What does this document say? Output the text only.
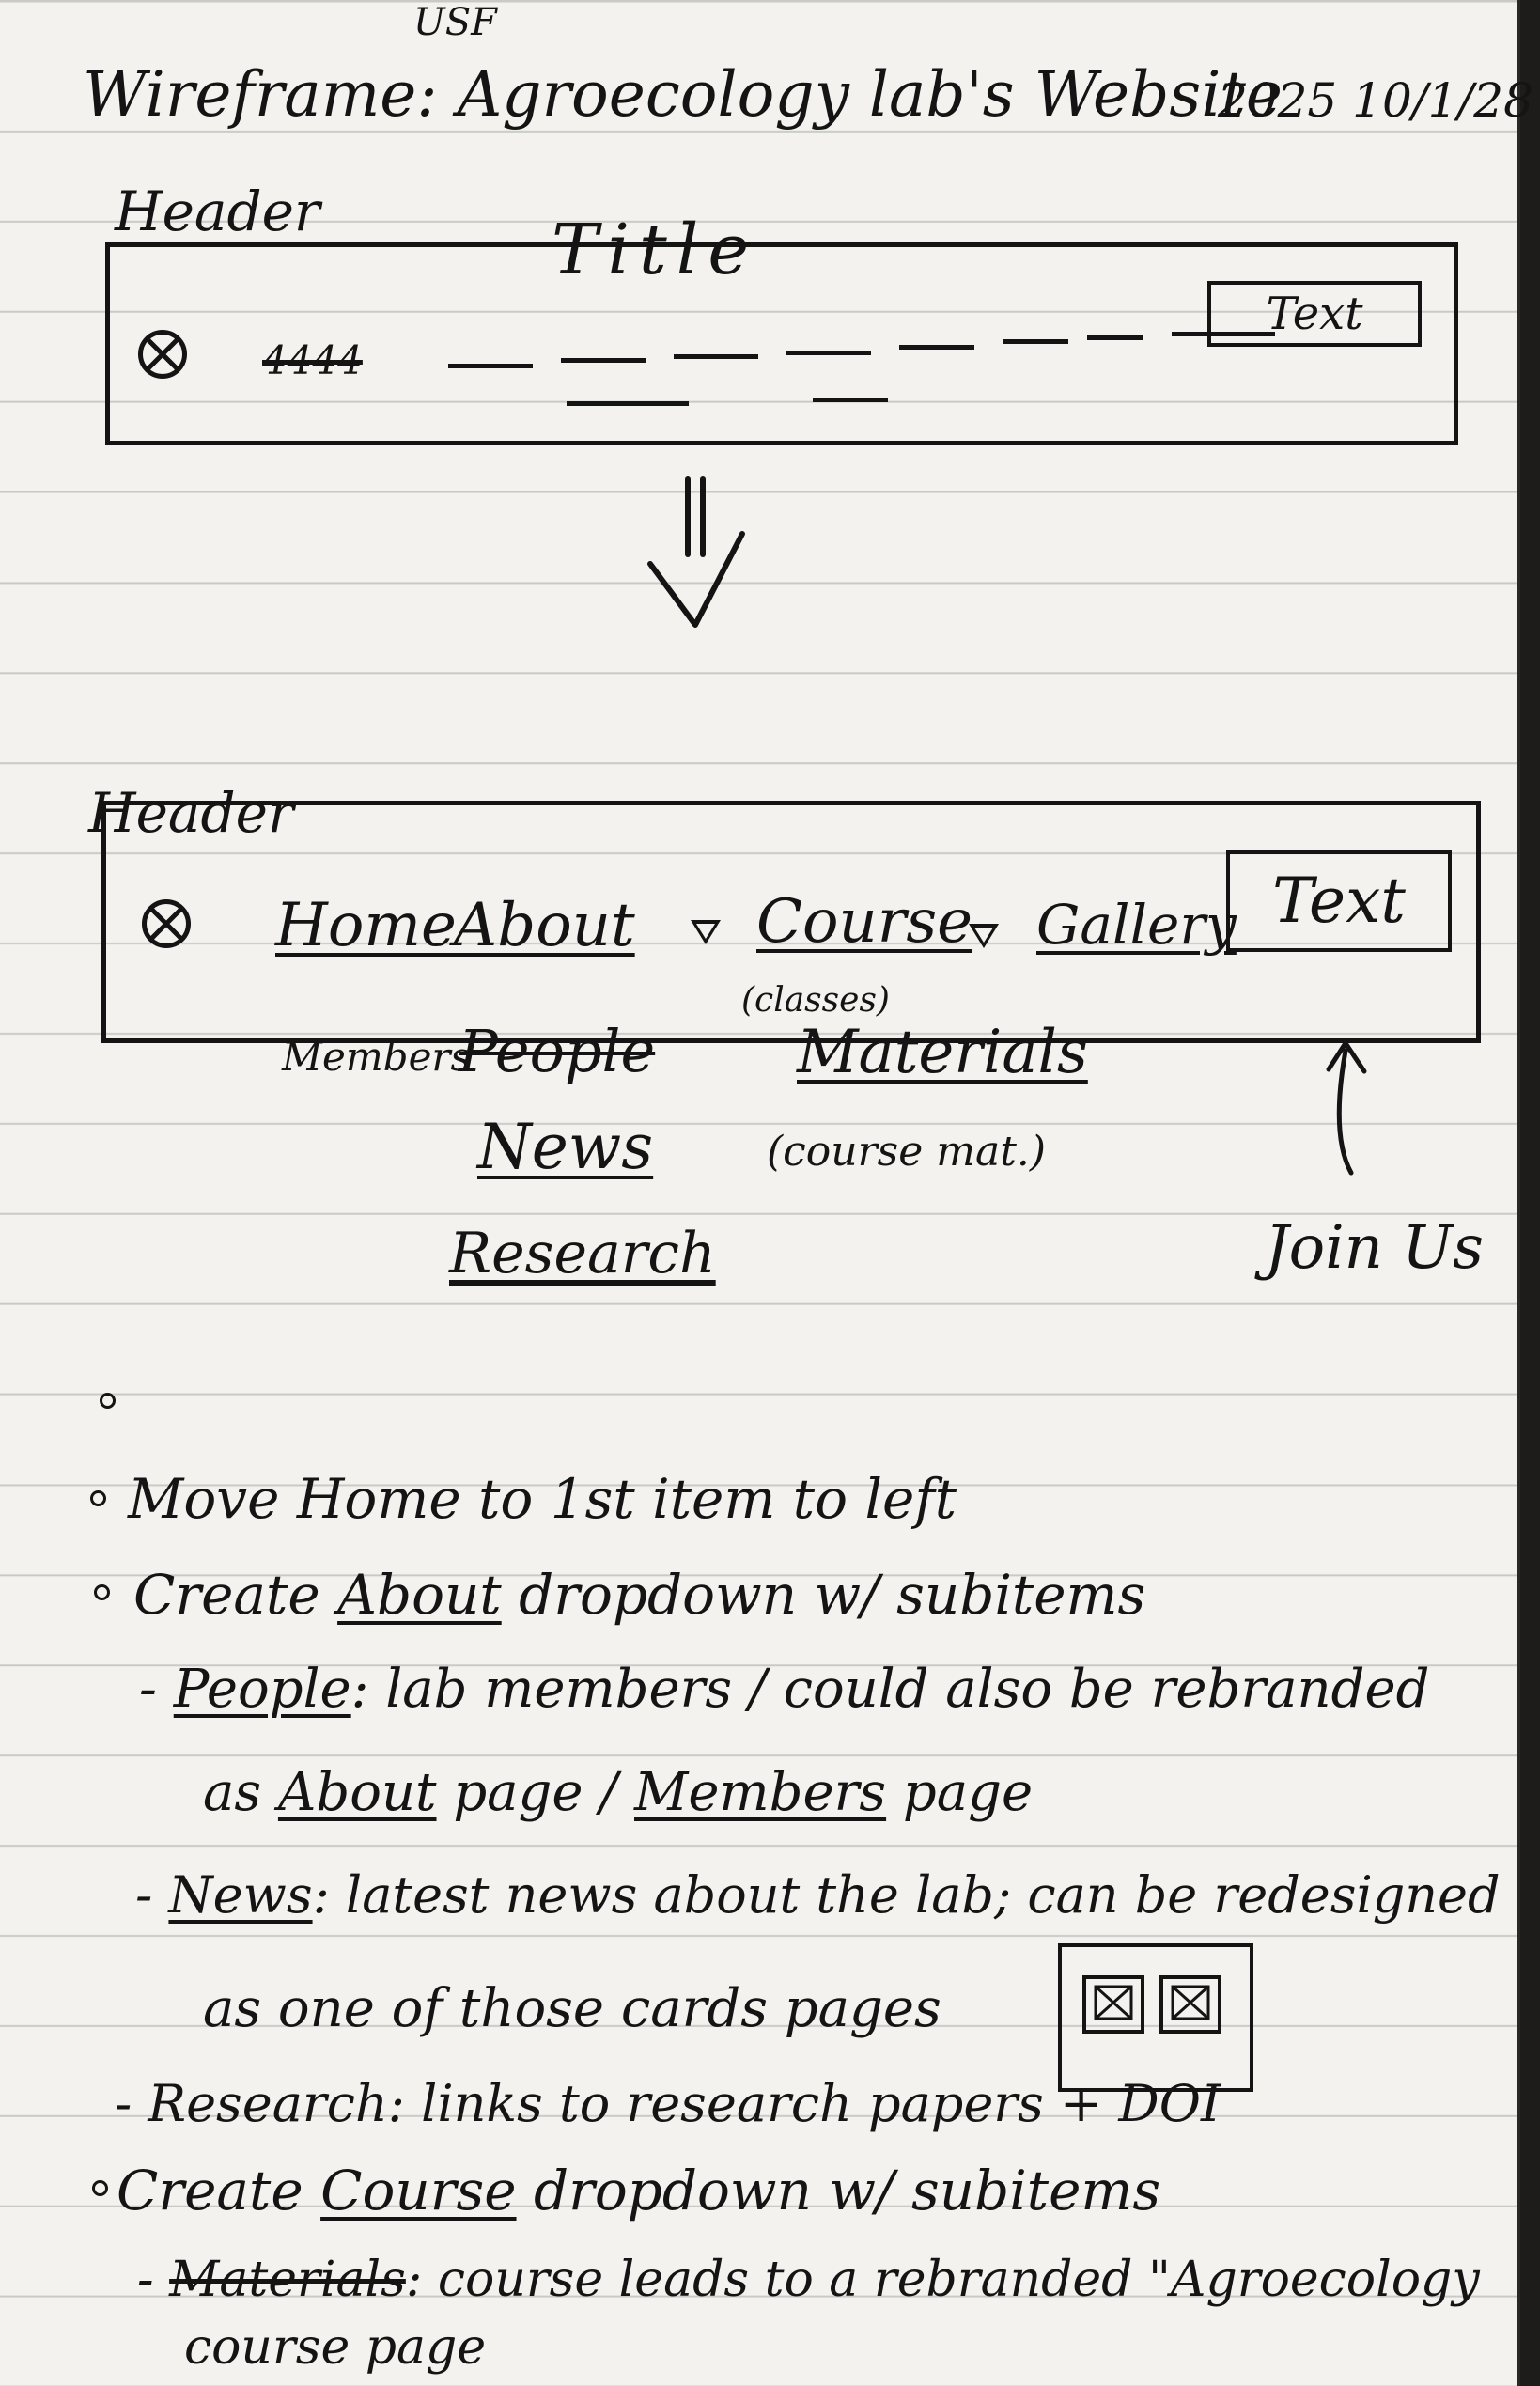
USF
Wireframe: Agroecology lab's Website
2025 10/1/28
Header	Title
4444
Text
Header
Home
About Course
(classes)
Gallery Text
Members
People
News
Research
Materials
(course mat.)
Join Us
Move Home to 1st item to left
Create About dropdown w/ subitems
- People: lab members / could also be rebranded
as About page / Members page
- News: latest news about the lab; can be redesigned
as one of those cards pages
- Research: links to research papers + DOI
Create Course dropdown w/ subitems
- Materials: course leads to a rebranded "Agroecology
course page
